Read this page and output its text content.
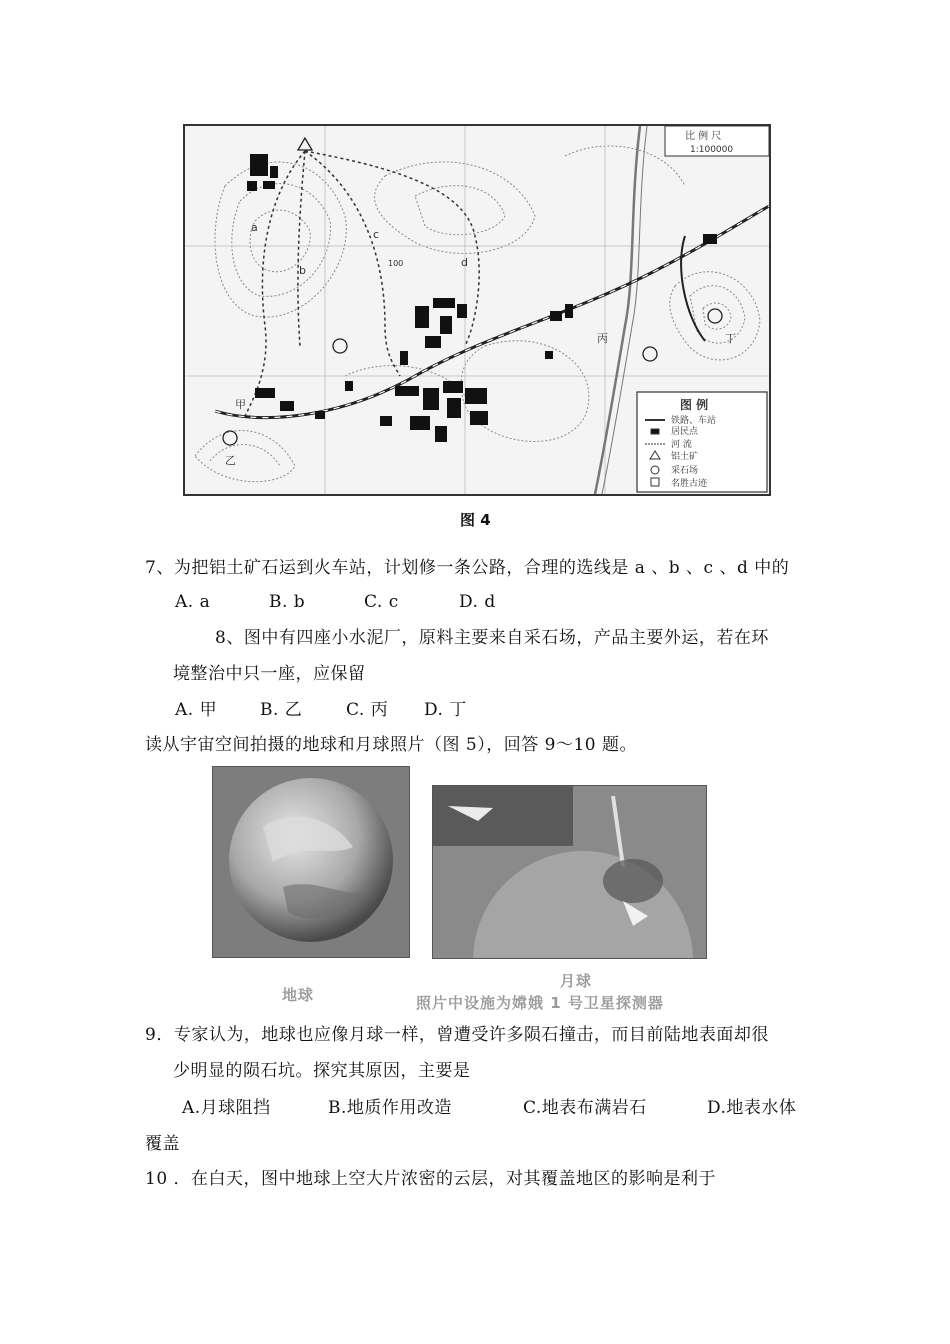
a
b
c
d
甲
乙
丙	丁
100
比 例 尺
1:100000
图 例
铁路、车站
居民点
河 流
铝土矿
采石场
名胜古迹
图 4
7、为把铝土矿石运到火车站，计划修一条公路，合理的选线是 a 、b 、c 、d 中的
A. a	B. b	C. c	D. d
8、图中有四座小水泥厂，原料主要来自采石场，产品主要外运，若在环
境整治中只一座，应保留
A. 甲	B. 乙	C. 丙 D. 丁
读从宇宙空间拍摄的地球和月球照片（图 5），回答 9～10 题。
地球
月球
照片中设施为嫦娥 1 号卫星探测器
9．专家认为，地球也应像月球一样，曾遭受许多陨石撞击，而目前陆地表面却很
少明显的陨石坑。探究其原因，主要是
A.月球阻挡	B.地质作用改造	C.地表布满岩石	D.地表水体
覆盖
10 ．在白天，图中地球上空大片浓密的云层，对其覆盖地区的影响是利于
